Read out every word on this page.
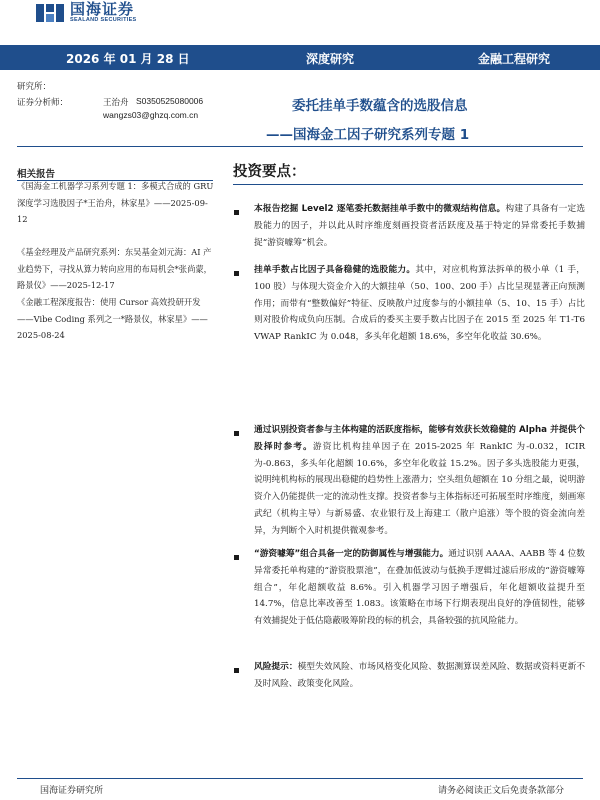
国海证券
SEALAND SECURITIES
2026 年 01 月 28 日	深度研究	金融工程研究
研究所：
证券分析师：	王治舟 S0350525080006
wangzs03@ghzq.com.cn
委托挂单手数蕴含的选股信息
——国海金工因子研究系列专题 1
相关报告
《国海金工机器学习系列专题 1：多模式合成的 GRU 深度学习选股因子*王治舟，林家星》——2025-09-12
《基金经理及产品研究系列：东吴基金刘元海：AI 产业趋势下，寻找从算力转向应用的布局机会*张尚蒙，路景仪》——2025-12-17
《金融工程深度报告：使用 Cursor 高效投研开发——Vibe Coding 系列之一*路景仪，林家星》——2025-08-24
投资要点：
本报告挖掘 Level2 逐笔委托数据挂单手数中的微观结构信息。构建了具备有一定选股能力的因子，并以此从时序维度刻画投资者活跃度及基于特定的异常委托手数捕捉“游资噱筹”机会。
挂单手数占比因子具备稳健的选股能力。其中，对应机构算法拆单的极小单（1 手，100 股）与体现大资金介入的大额挂单（50、100、200 手）占比呈现显著正向预测作用；而带有“整数偏好”特征、反映散户过度参与的小额挂单（5、10、15 手）占比则对股价构成负向压制。合成后的委买主要手数占比因子在 2015 至 2025 年 T1-T6 VWAP RankIC 为 0.048，多头年化超额 18.6%，多空年化收益 30.6%。
通过识别投资者参与主体构建的活跃度指标，能够有效获长效稳健的 Alpha 并提供个股择时参考。游资比机构挂单因子在 2015-2025 年 RankIC 为-0.032，ICIR 为-0.863，多头年化超额 10.6%，多空年化收益 15.2%。因子多头选股能力更强，说明纯机构标的展现出稳健的趋势性上涨潜力；空头组负超额在 10 分组之最，说明游资介入仍能提供一定的流动性支撑。投资者参与主体指标还可拓展至时序维度，刻画寒武纪（机构主导）与新易盛、农业银行及上海建工（散户追涨）等个股的资金流向差异，为判断个入时机提供微观参考。
“游资噱筹”组合具备一定的防御属性与增强能力。通过识别 AAAA、AABB 等 4 位数异常委托单构建的“游资股票池”，在叠加低波动与低换手逻辑过滤后形成的“游资噱筹组合”，年化超额收益 8.6%。引入机器学习因子增强后，年化超额收益提升至 14.7%，信息比率改善至 1.083。该策略在市场下行期表现出良好的净值韧性，能够有效捕捉处于低估隐蔽吸筹阶段的标的机会，具备较强的抗风险能力。
风险提示：模型失效风险、市场风格变化风险、数据测算误差风险、数据或资料更新不及时风险、政策变化风险。
国海证券研究所	请务必阅读正文后免责条款部分
